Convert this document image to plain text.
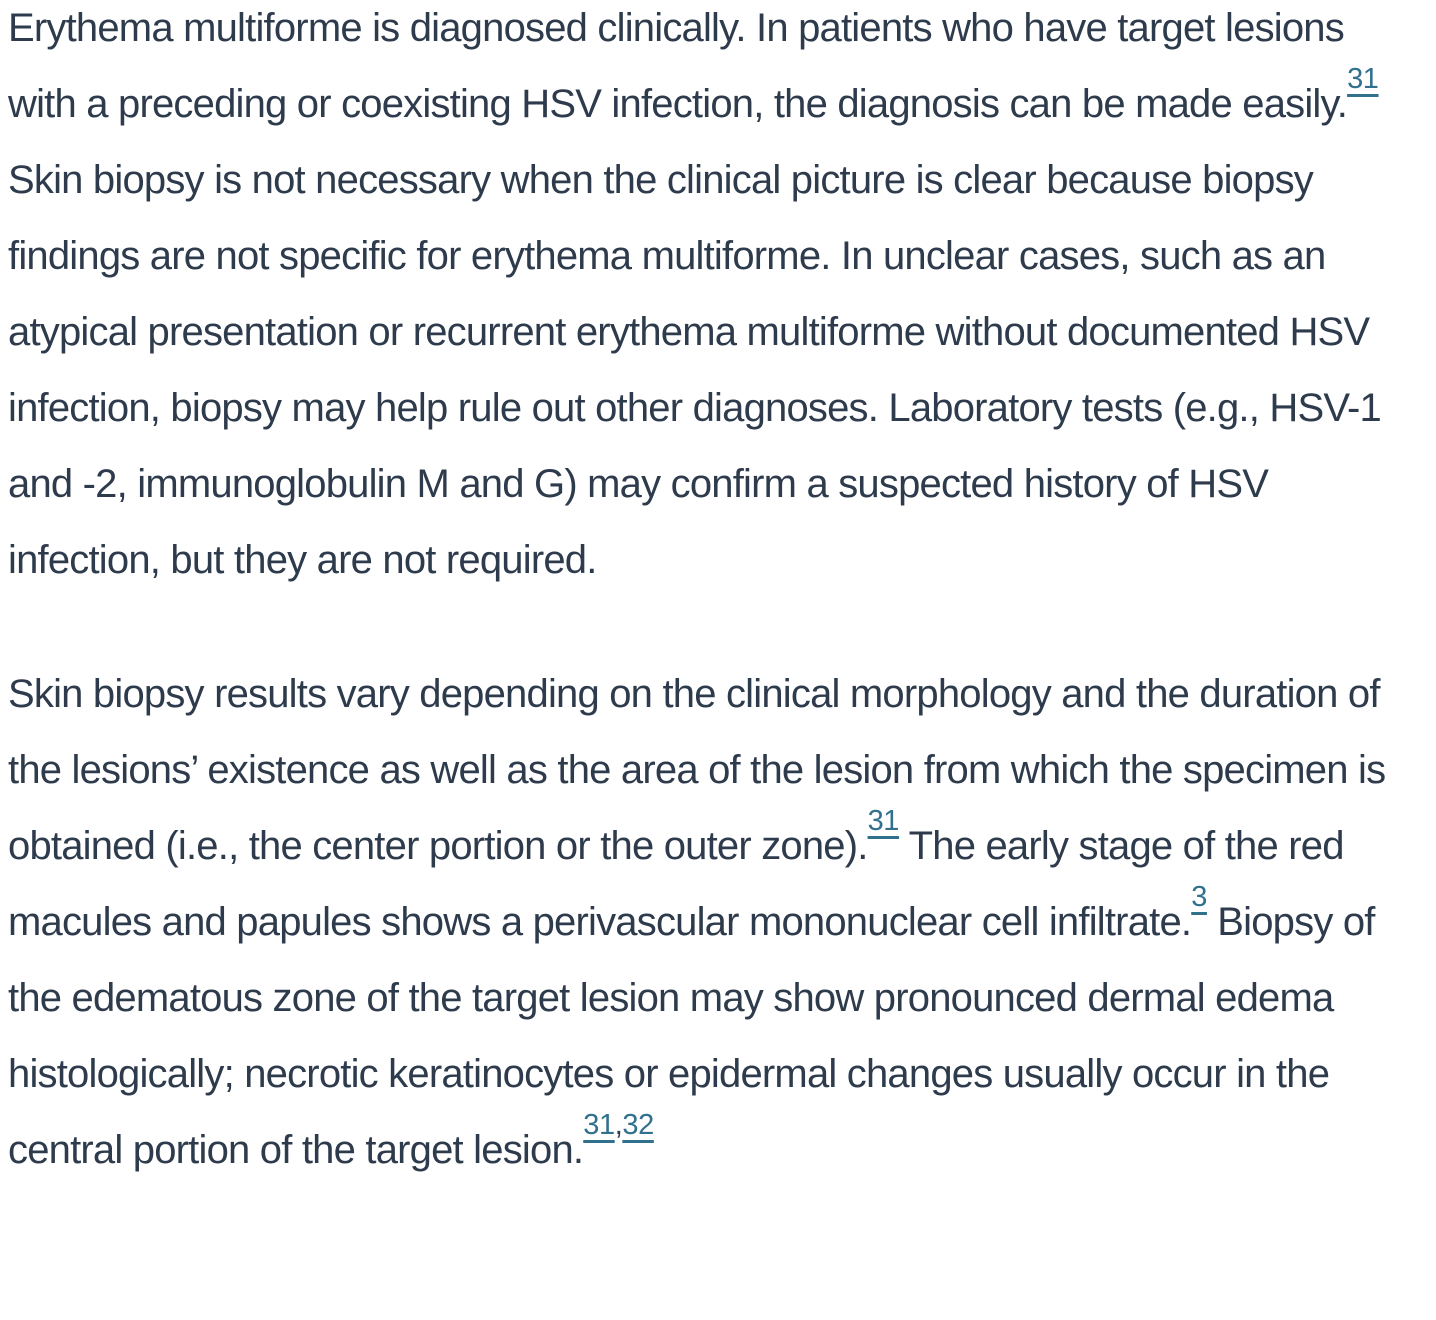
Erythema multiforme is diagnosed clinically. In patients who have target lesions with a preceding or coexisting HSV infection, the diagnosis can be made easily.$^{31}$ Skin biopsy is not necessary when the clinical picture is clear because biopsy findings are not specific for erythema multiforme. In unclear cases, such as an atypical presentation or recurrent erythema multiforme without documented HSV infection, biopsy may help rule out other diagnoses. Laboratory tests (e.g., HSV-1 and -2, immunoglobulin M and G) may confirm a suspected history of HSV infection, but they are not required.

Skin biopsy results vary depending on the clinical morphology and the duration of the lesions’ existence as well as the area of the lesion from which the specimen is obtained (i.e., the center portion or the outer zone).$^{31}$ The early stage of the red macules and papules shows a perivascular mononuclear cell infiltrate.$^3$ Biopsy of the edematous zone of the target lesion may show pronounced dermal edema histologically; necrotic keratinocytes or epidermal changes usually occur in the central portion of the target lesion.$^{31,32}$
